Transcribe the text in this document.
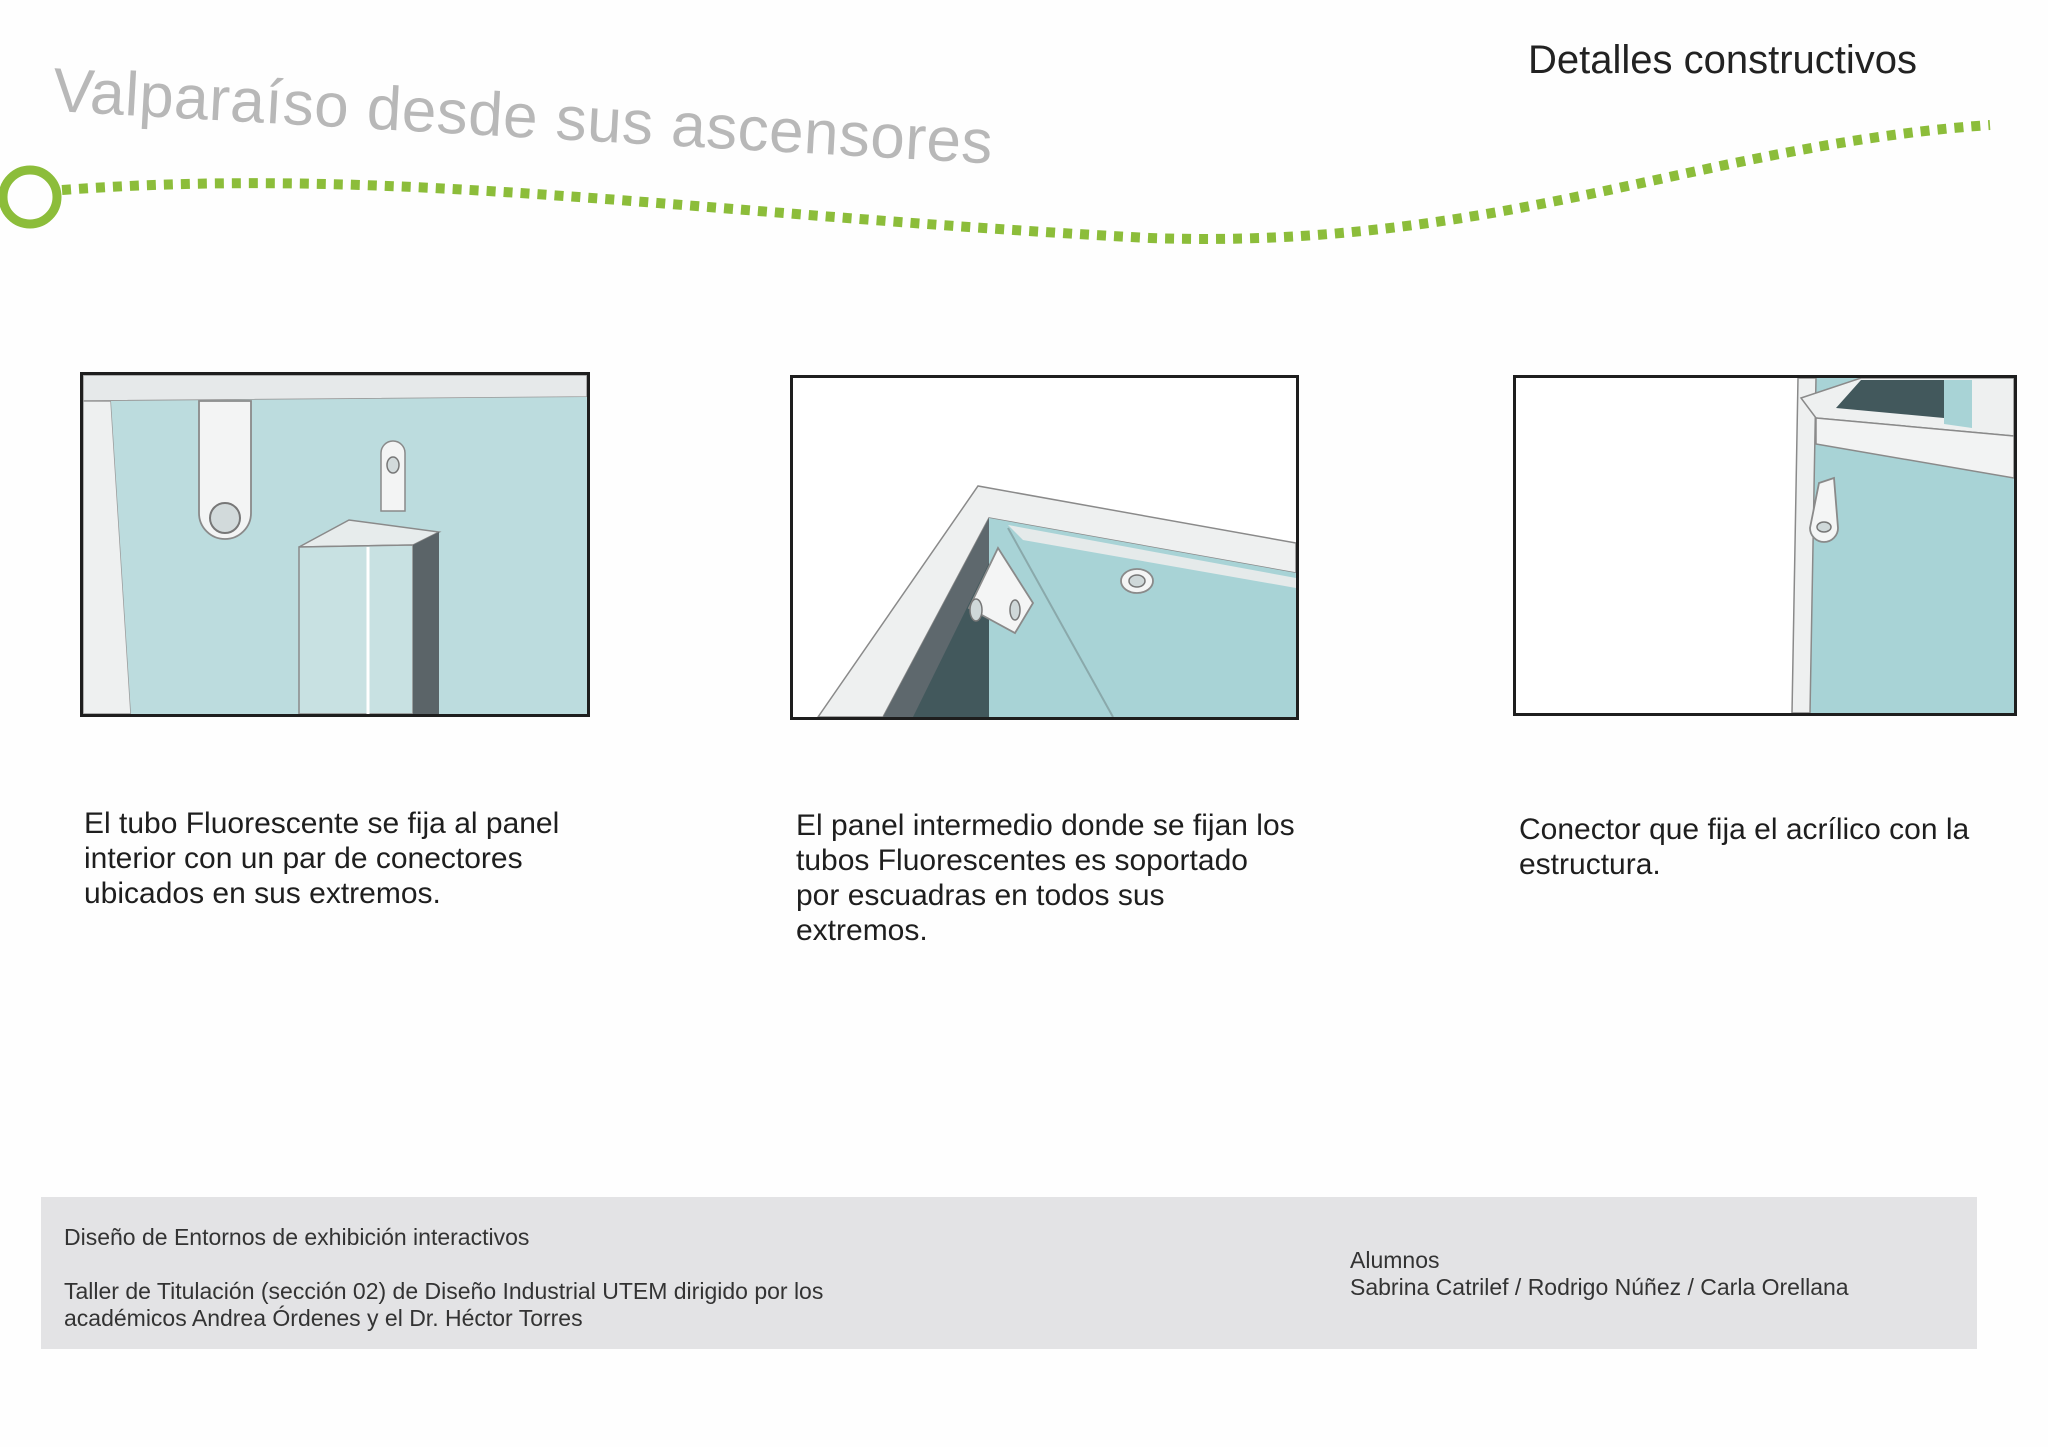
Valparaíso desde sus ascensores	Detalles constructivos
El tubo Fluorescente se fija al panel interior con un par de conectores ubicados en sus extremos.
El panel intermedio donde se fijan los tubos Fluorescentes es soportado por escuadras en todos sus extremos.
Conector que fija el acrílico con la estructura.
Diseño de Entornos de exhibición interactivos
Taller de Titulación (sección 02) de Diseño Industrial UTEM dirigido por los
académicos Andrea Órdenes y el Dr. Héctor Torres
Alumnos
Sabrina Catrilef / Rodrigo Núñez / Carla Orellana
